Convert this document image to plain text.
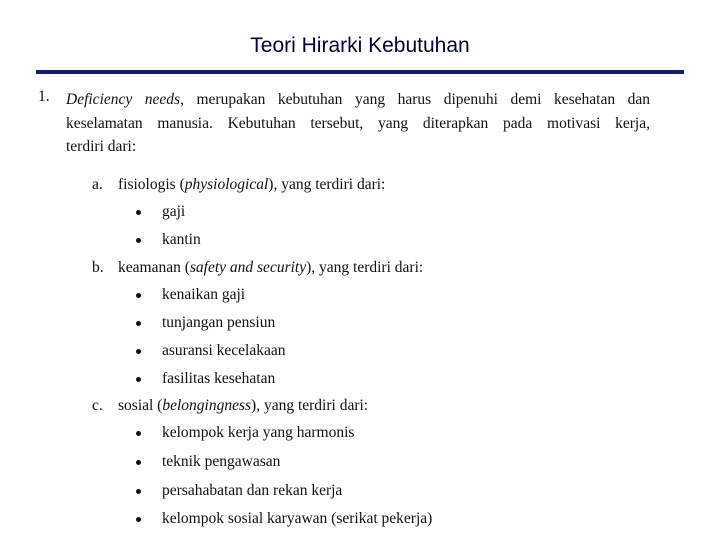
Teori Hirarki Kebutuhan
1. Deficiency needs, merupakan kebutuhan yang harus dipenuhi demi kesehatan dan
keselamatan manusia. Kebutuhan tersebut, yang diterapkan pada motivasi kerja,
terdiri dari:
a. fisiologis (physiological), yang terdiri dari:
gaji
kantin
b. keamanan (safety and security), yang terdiri dari:
kenaikan gaji
tunjangan pensiun
asuransi kecelakaan
fasilitas kesehatan
c. sosial (belongingness), yang terdiri dari:
kelompok kerja yang harmonis
teknik pengawasan
persahabatan dan rekan kerja
kelompok sosial karyawan (serikat pekerja)
